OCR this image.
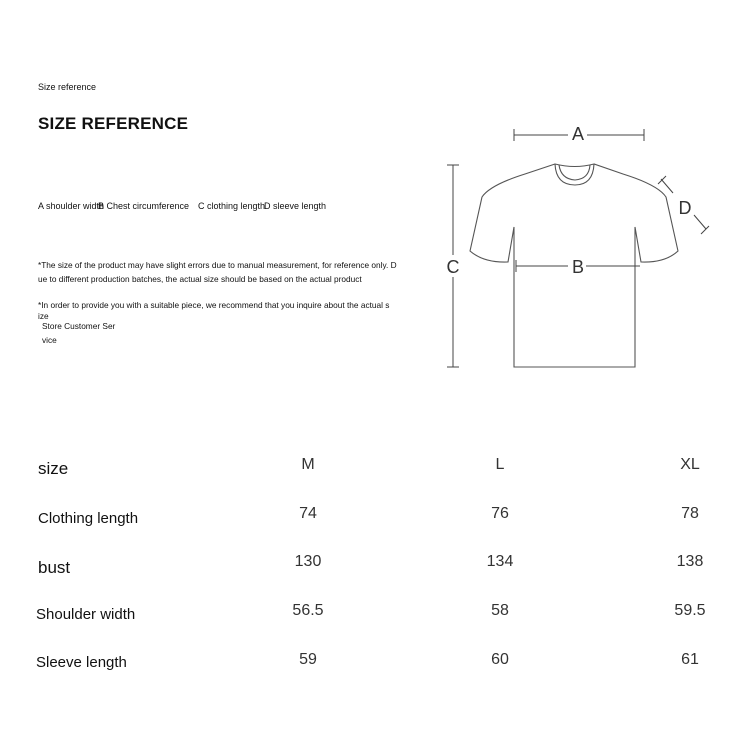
Size reference
SIZE REFERENCE
A shoulder width
B Chest circumference C clothing length
D sleeve length
*The size of the product may have slight errors due to manual measurement, for reference only. D
ue to different production batches, the actual size should be based on the actual product
*In order to provide you with a suitable piece, we recommend that you inquire about the actual s
ize
Store Customer Ser
vice
A
B
C
D
size	M	L	XL
Clothing length	74	76	78
bust	130	134	138
Shoulder width	56.5	58	59.5
Sleeve length	59	60	61
